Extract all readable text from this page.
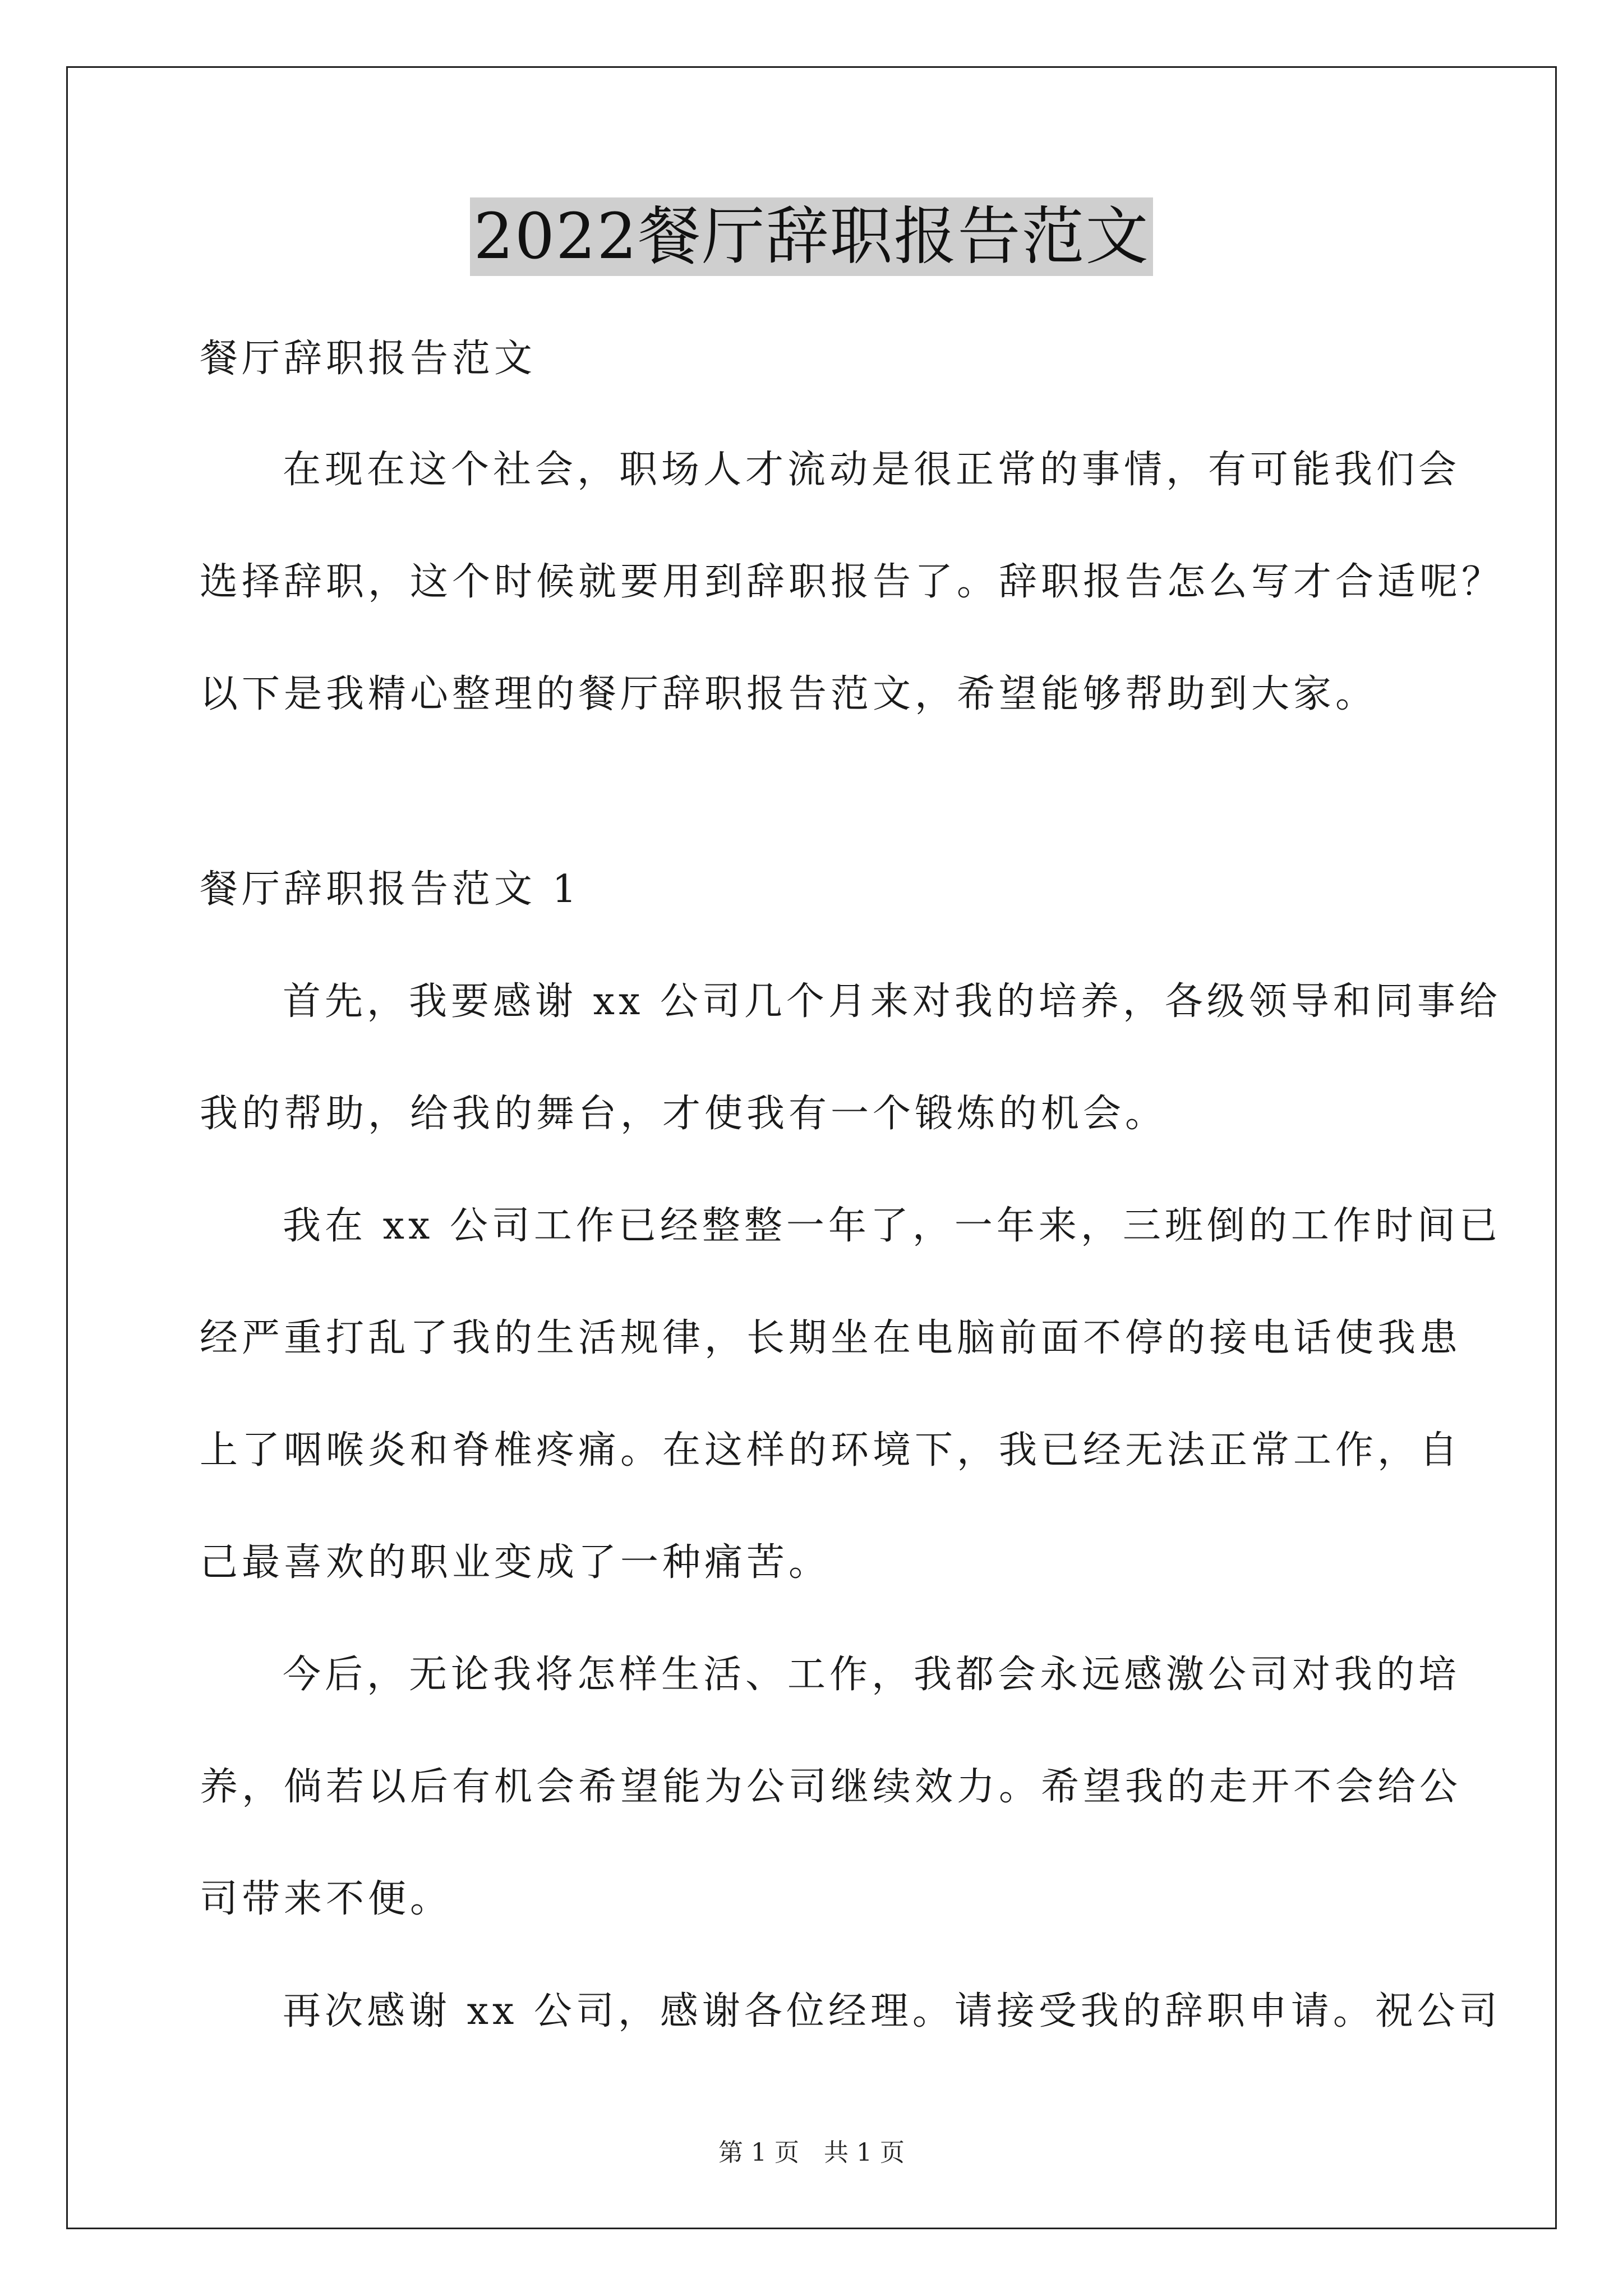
2022餐厅辞职报告范文
餐厅辞职报告范文
在现在这个社会，职场人才流动是很正常的事情，有可能我们会
选择辞职，这个时候就要用到辞职报告了。辞职报告怎么写才合适呢？
以下是我精心整理的餐厅辞职报告范文，希望能够帮助到大家。
餐厅辞职报告范文 1
首先，我要感谢 xx 公司几个月来对我的培养，各级领导和同事给
我的帮助，给我的舞台，才使我有一个锻炼的机会。
我在 xx 公司工作已经整整一年了，一年来，三班倒的工作时间已
经严重打乱了我的生活规律，长期坐在电脑前面不停的接电话使我患
上了咽喉炎和脊椎疼痛。在这样的环境下，我已经无法正常工作，自
己最喜欢的职业变成了一种痛苦。
今后，无论我将怎样生活、工作，我都会永远感激公司对我的培
养，倘若以后有机会希望能为公司继续效力。希望我的走开不会给公
司带来不便。
再次感谢 xx 公司，感谢各位经理。请接受我的辞职申请。祝公司
第 1 页 共 1 页
